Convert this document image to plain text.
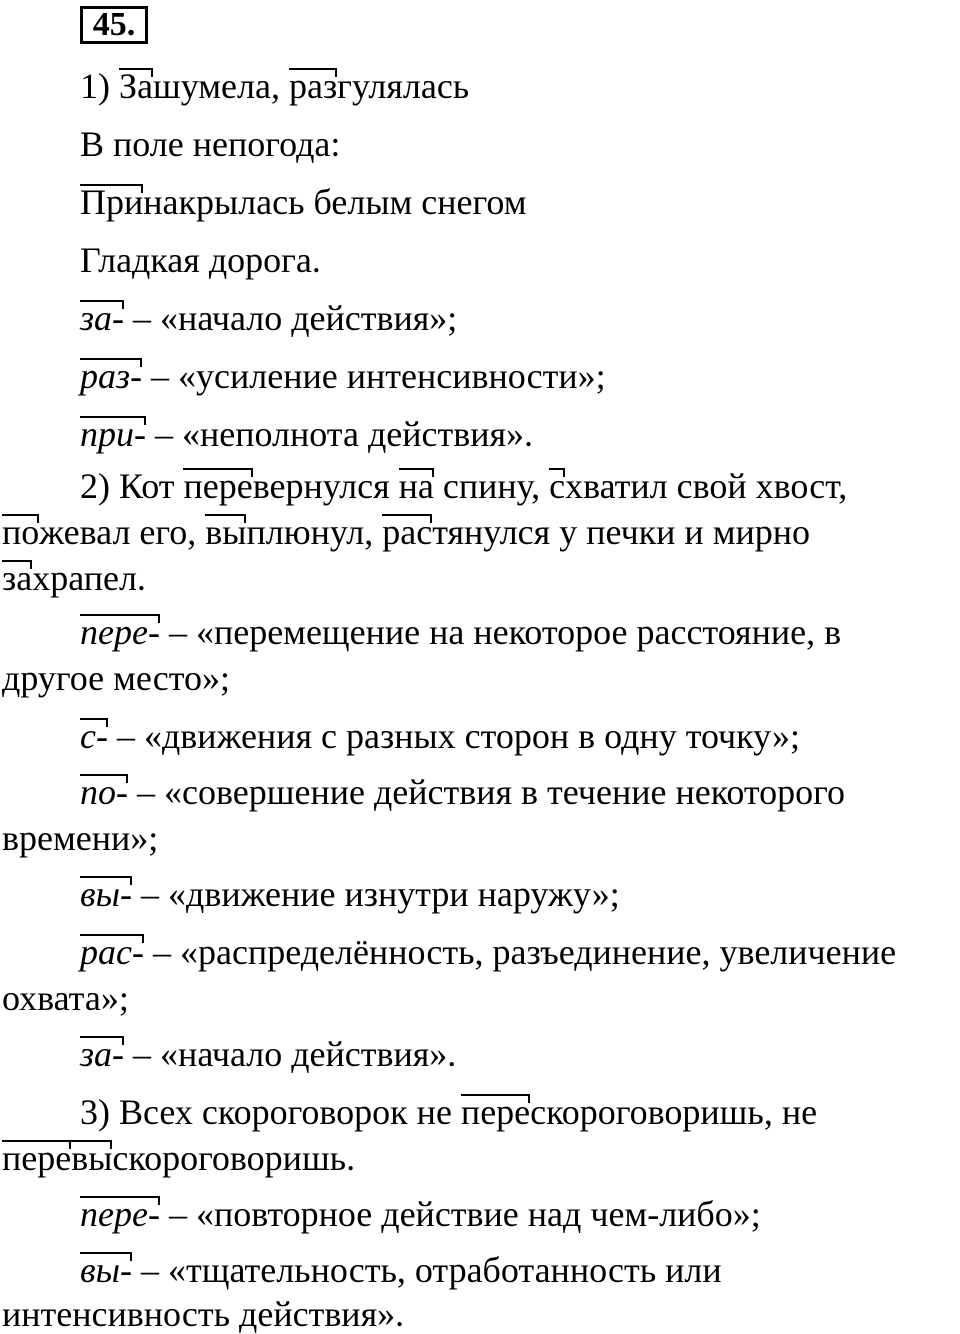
45.
1) Зашумела, разгулялась
В поле непогода:
Принакрылась белым снегом
Гладкая дорога.
за- – «начало действия»;
раз- – «усиление интенсивности»;
при- – «неполнота действия».
2) Кот перевернулся на спину, схватил свой хвост,
пожевал его, выплюнул, растянулся у печки и мирно
захрапел.
пере- – «перемещение на некоторое расстояние, в
другое место»;
с- – «движения с разных сторон в одну точку»;
по- – «совершение действия в течение некоторого
времени»;
вы- – «движение изнутри наружу»;
рас- – «распределённость, разъединение, увеличение
охвата»;
за- – «начало действия».
3) Всех скороговорок не перескороговоришь, не
перевыскороговоришь.
пере- – «повторное действие над чем-либо»;
вы- – «тщательность, отработанность или
интенсивность действия».
